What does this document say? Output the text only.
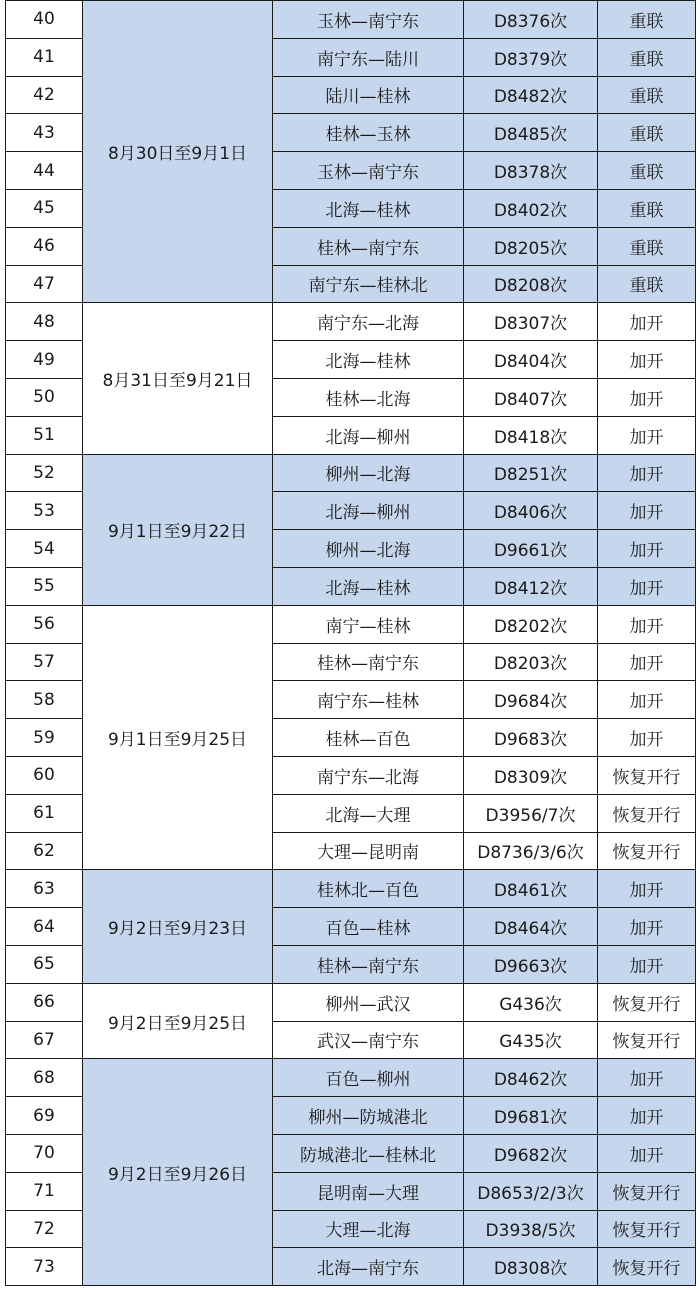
40	8月30日至9月1日	玉林—南宁东	D8376次	重联
41		南宁东—陆川	D8379次	重联
42		陆川—桂林	D8482次	重联
43		桂林—玉林	D8485次	重联
44		玉林—南宁东	D8378次	重联
45		北海—桂林	D8402次	重联
46		桂林—南宁东	D8205次	重联
47		南宁东—桂林北	D8208次	重联
48	8月31日至9月21日	南宁东—北海	D8307次	加开
49		北海—桂林	D8404次	加开
50		桂林—北海	D8407次	加开
51		北海—柳州	D8418次	加开
52	9月1日至9月22日	柳州—北海	D8251次	加开
53		北海—柳州	D8406次	加开
54		柳州—北海	D9661次	加开
55		北海—桂林	D8412次	加开
56	9月1日至9月25日	南宁—桂林	D8202次	加开
57		桂林—南宁东	D8203次	加开
58		南宁东—桂林	D9684次	加开
59		桂林—百色	D9683次	加开
60		南宁东—北海	D8309次	恢复开行
61		北海—大理	D3956/7次	恢复开行
62		大理—昆明南	D8736/3/6次	恢复开行
63	9月2日至9月23日	桂林北—百色	D8461次	加开
64		百色—桂林	D8464次	加开
65		桂林—南宁东	D9663次	加开
66	9月2日至9月25日	柳州—武汉	G436次	恢复开行
67		武汉—南宁东	G435次	恢复开行
68	9月2日至9月26日	百色—柳州	D8462次	加开
69		柳州—防城港北	D9681次	加开
70		防城港北—桂林北	D9682次	加开
71		昆明南—大理	D8653/2/3次	恢复开行
72		大理—北海	D3938/5次	恢复开行
73		北海—南宁东	D8308次	恢复开行
